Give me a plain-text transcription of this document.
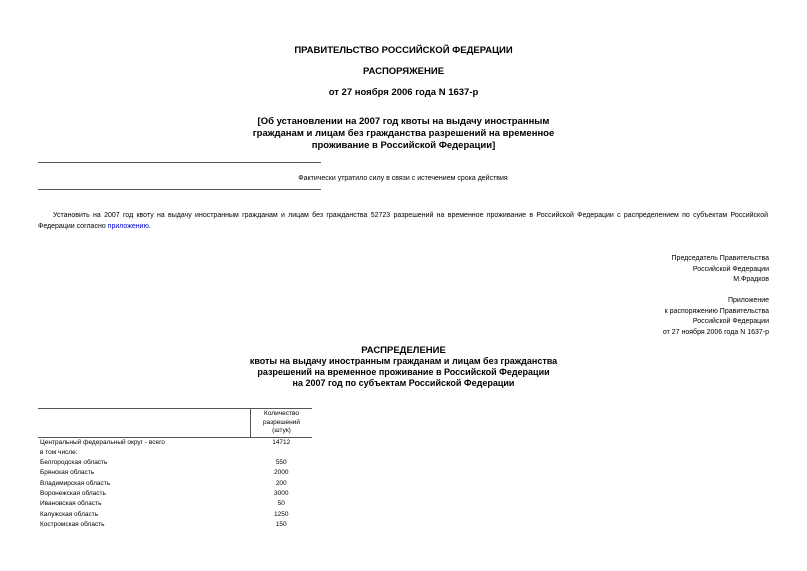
ПРАВИТЕЛЬСТВО РОССИЙСКОЙ ФЕДЕРАЦИИ
РАСПОРЯЖЕНИЕ
от 27 ноября 2006 года N 1637-р
[Об установлении на 2007 год квоты на выдачу иностранным
гражданам и лицам без гражданства разрешений на временное
проживание в Российской Федерации]
Фактически утратило силу в связи с истечением срока действия
Установить на 2007 год квоту на выдачу иностранным гражданам и лицам без гражданства 52723 разрешений на временное проживание в Российской Федерации с распределением по субъектам Российской Федерации согласно приложению.
Председатель Правительства
Российской Федерации
М.Фрадков
Приложение
к распоряжению Правительства
Российской Федерации
от 27 ноября 2006 года N 1637-р
РАСПРЕДЕЛЕНИЕ
квоты на выдачу иностранным гражданам и лицам без гражданства
разрешений на временное проживание в Российской Федерации
на 2007 год по субъектам Российской Федерации

	Количество
разрешений
(штук)

Центральный федеральный округ - всего	14712
в том числе:	
Белгородская область	550
Брянская область	2000
Владимирская область	200
Воронежская область	3000
Ивановская область	50
Калужская область	1250
Костромская область	150
